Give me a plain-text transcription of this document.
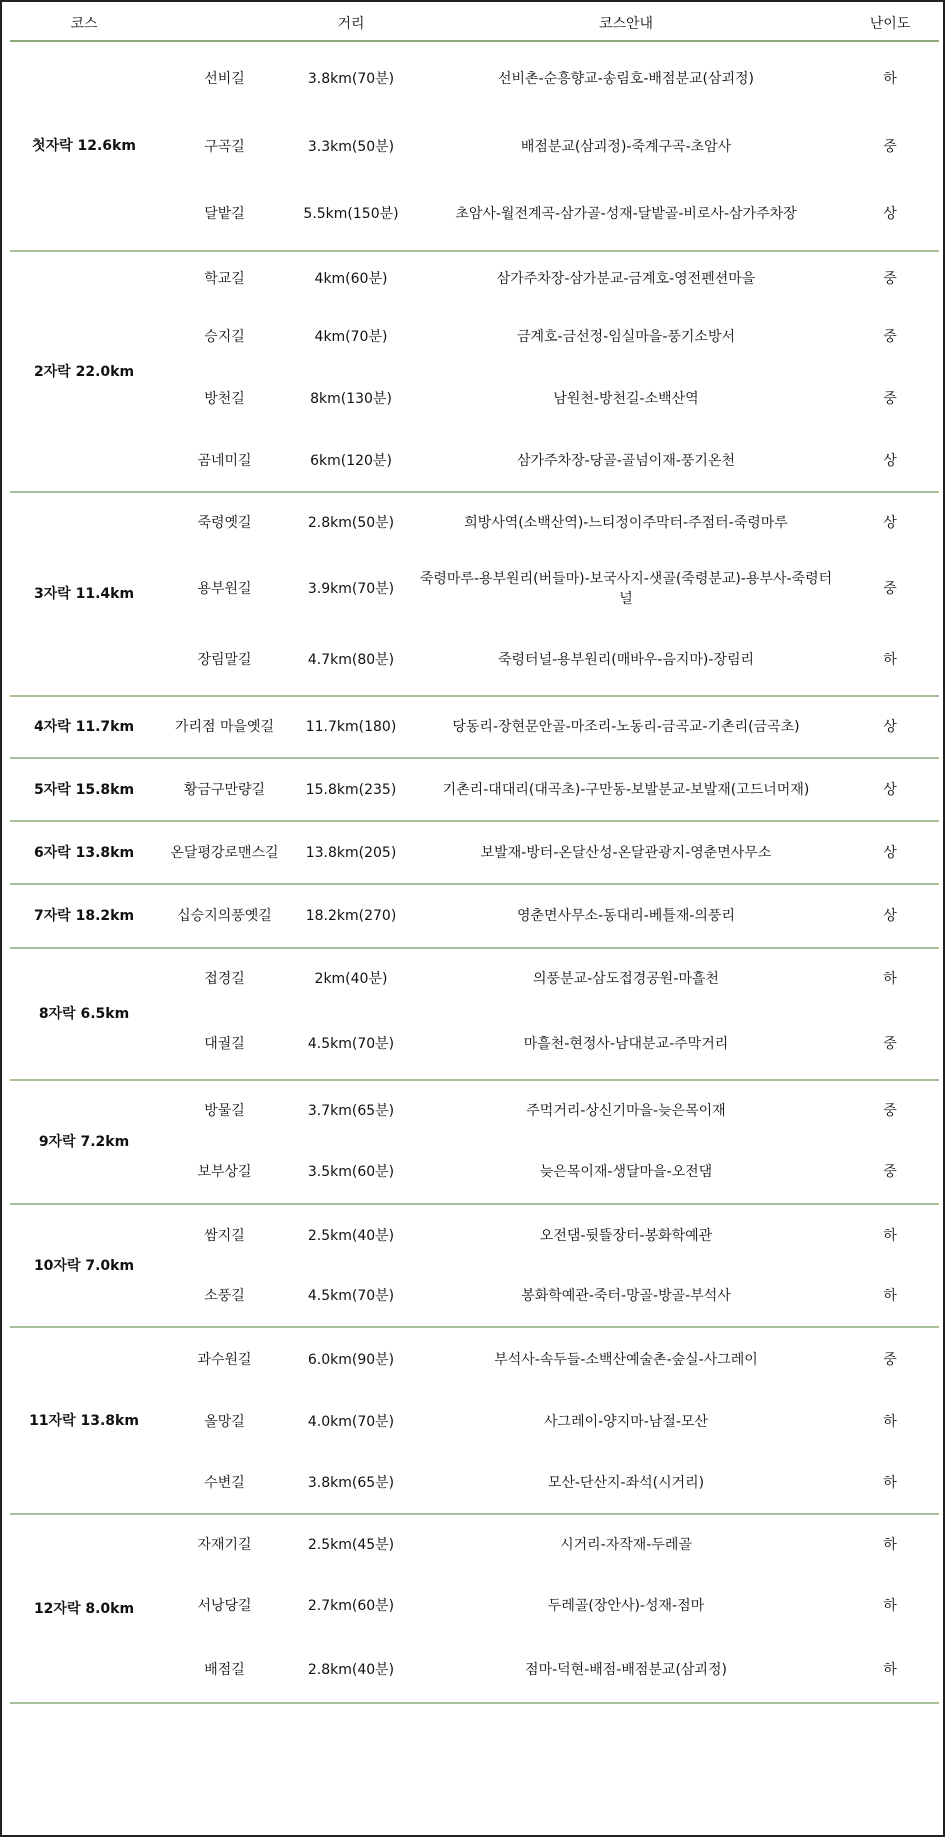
코스		거리	코스안내	난이도
첫자락 12.6km	선비길	3.8km(70분)	선비촌-순흥향교-송림호-배점분교(삼괴정)	하
	구곡길	3.3km(50분)	배점분교(삼괴정)-죽계구곡-초암사	중
	달밭길	5.5km(150분)	초암사-월전계곡-삼가골-성재-달밭골-비로사-삼가주차장	상
2자락 22.0km	학교길	4km(60분)	삼가주차장-삼가분교-금계호-영전펜션마을	중
	승지길	4km(70분)	금계호-금선정-임실마을-풍기소방서	중
	방천길	8km(130분)	남원천-방천길-소백산역	중
	곰네미길	6km(120분)	삼가주차장-당골-골넘이재-풍기온천	상
3자락 11.4km	죽령옛길	2.8km(50분)	희방사역(소백산역)-느티정이주막터-주점터-죽령마루	상
	용부원길	3.9km(70분)	죽령마루-용부원리(버들마)-보국사지-샛골(죽령분교)-용부사-죽령터널	중
	장림말길	4.7km(80분)	죽령터널-용부원리(매바우-음지마)-장림리	하
4자락 11.7km	가리점 마을옛길	11.7km(180)	당동리-장현문안골-마조리-노동리-금곡교-기촌리(금곡초)	상
5자락 15.8km	황금구만량길	15.8km(235)	기촌리-대대리(대곡초)-구만동-보발분교-보발재(고드너머재)	상
6자락 13.8km	온달평강로맨스길	13.8km(205)	보발재-방터-온달산성-온달관광지-영춘면사무소	상
7자락 18.2km	십승지의풍옛길	18.2km(270)	영춘면사무소-동대리-베틀재-의풍리	상
8자락 6.5km	접경길	2km(40분)	의풍분교-삼도접경공원-마흘천	하
	대궐길	4.5km(70분)	마흘천-현정사-남대분교-주막거리	중
9자락 7.2km	방물길	3.7km(65분)	주먹거리-상신기마을-늦은목이재	중
	보부상길	3.5km(60분)	늦은목이재-생달마을-오전댐	중
10자락 7.0km	쌈지길	2.5km(40분)	오전댐-뒷뜰장터-봉화학예관	하
	소풍길	4.5km(70분)	봉화학예관-죽터-망골-방골-부석사	하
11자락 13.8km	과수원길	6.0km(90분)	부석사-속두들-소백산예술촌-숲실-사그레이	중
	올망길	4.0km(70분)	사그레이-양지마-남절-모산	하
	수변길	3.8km(65분)	모산-단산지-좌석(시거리)	하
12자락 8.0km	자재기길	2.5km(45분)	시거리-자작재-두레골	하
	서낭당길	2.7km(60분)	두레골(장안사)-성재-점마	하
	배점길	2.8km(40분)	점마-덕현-배점-배점분교(삼괴정)	하
